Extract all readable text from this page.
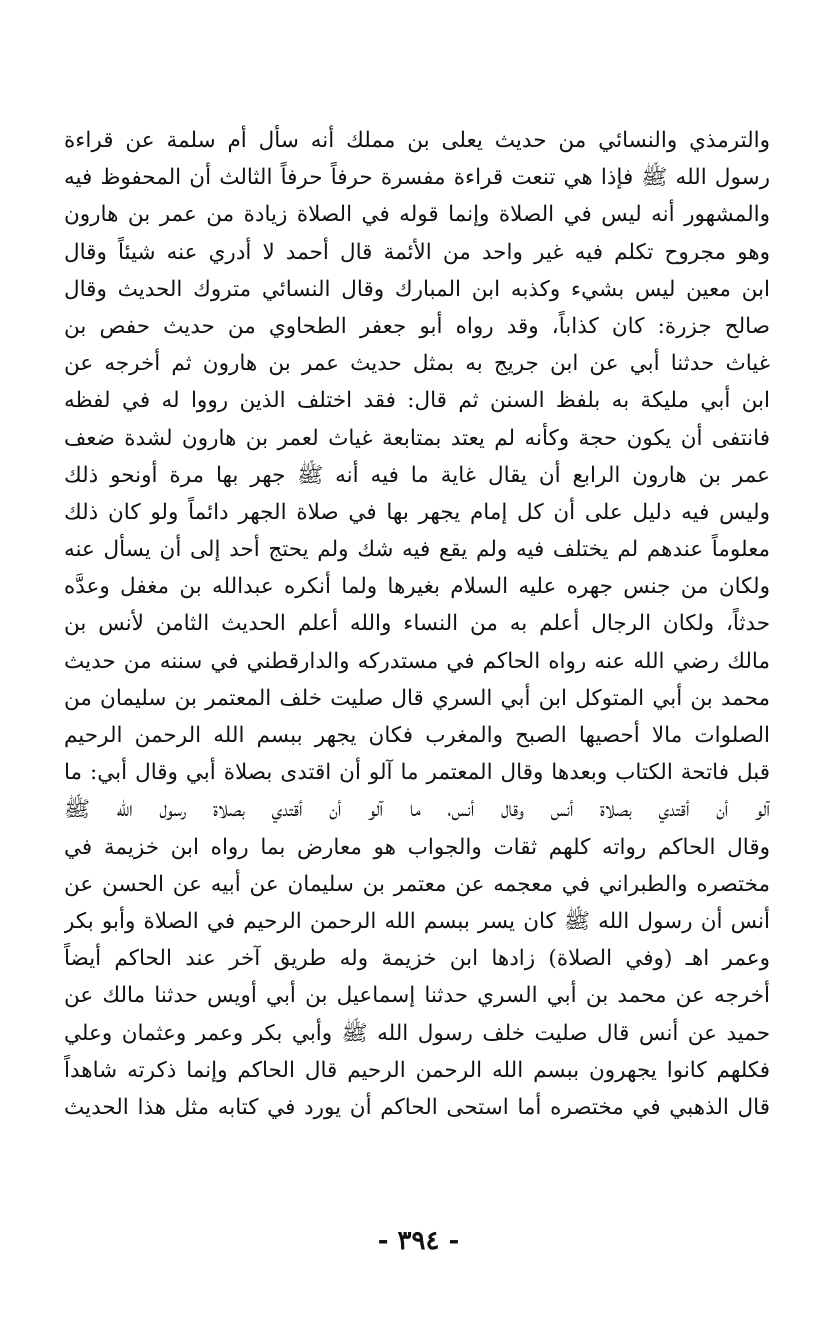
والترمذي والنسائي من حديث يعلى بن مملك أنه سأل أم سلمة عن قراءة
رسول الله ﷺ فإذا هي تنعت قراءة مفسرة حرفاً حرفاً الثالث أن المحفوظ فيه
والمشهور أنه ليس في الصلاة وإنما قوله في الصلاة زيادة من عمر بن هارون
وهو مجروح تكلم فيه غير واحد من الأئمة قال أحمد لا أدري عنه شيئاً وقال
ابن معين ليس بشيء وكذبه ابن المبارك وقال النسائي متروك الحديث وقال
صالح جزرة: كان كذاباً، وقد رواه أبو جعفر الطحاوي من حديث حفص بن
غياث حدثنا أبي عن ابن جريج به بمثل حديث عمر بن هارون ثم أخرجه عن
ابن أبي مليكة به بلفظ السنن ثم قال: فقد اختلف الذين رووا له في لفظه
فانتفى أن يكون حجة وكأنه لم يعتد بمتابعة غياث لعمر بن هارون لشدة ضعف
عمر بن هارون الرابع أن يقال غاية ما فيه أنه ﷺ جهر بها مرة أونحو ذلك
وليس فيه دليل على أن كل إمام يجهر بها في صلاة الجهر دائماً ولو كان ذلك
معلوماً عندهم لم يختلف فيه ولم يقع فيه شك ولم يحتج أحد إلى أن يسأل عنه
ولكان من جنس جهره عليه السلام بغيرها ولما أنكره عبدالله بن مغفل وعدَّه
حدثاً، ولكان الرجال أعلم به من النساء والله أعلم الحديث الثامن لأنس بن
مالك رضي الله عنه رواه الحاكم في مستدركه والدارقطني في سننه من حديث
محمد بن أبي المتوكل ابن أبي السري قال صليت خلف المعتمر بن سليمان من
الصلوات مالا أحصيها الصبح والمغرب فكان يجهر ببسم الله الرحمن الرحيم
قبل فاتحة الكتاب وبعدها وقال المعتمر ما آلو أن اقتدى بصلاة أبي وقال أبي: ما
آلو أن أقتدي بصلاة أنس وقال أنس، ما آلو أن أقتدي بصلاة رسول الله ﷺ
وقال الحاكم رواته كلهم ثقات والجواب هو معارض بما رواه ابن خزيمة في
مختصره والطبراني في معجمه عن معتمر بن سليمان عن أبيه عن الحسن عن
أنس أن رسول الله ﷺ كان يسر ببسم الله الرحمن الرحيم في الصلاة وأبو بكر
وعمر اهـ (وفي الصلاة) زادها ابن خزيمة وله طريق آخر عند الحاكم أيضاً
أخرجه عن محمد بن أبي السري حدثنا إسماعيل بن أبي أويس حدثنا مالك عن
حميد عن أنس قال صليت خلف رسول الله ﷺ وأبي بكر وعمر وعثمان وعلي
فكلهم كانوا يجهرون ببسم الله الرحمن الرحيم قال الحاكم وإنما ذكرته شاهداً
قال الذهبي في مختصره أما استحى الحاكم أن يورد في كتابه مثل هذا الحديث
- ٣٩٤ -
